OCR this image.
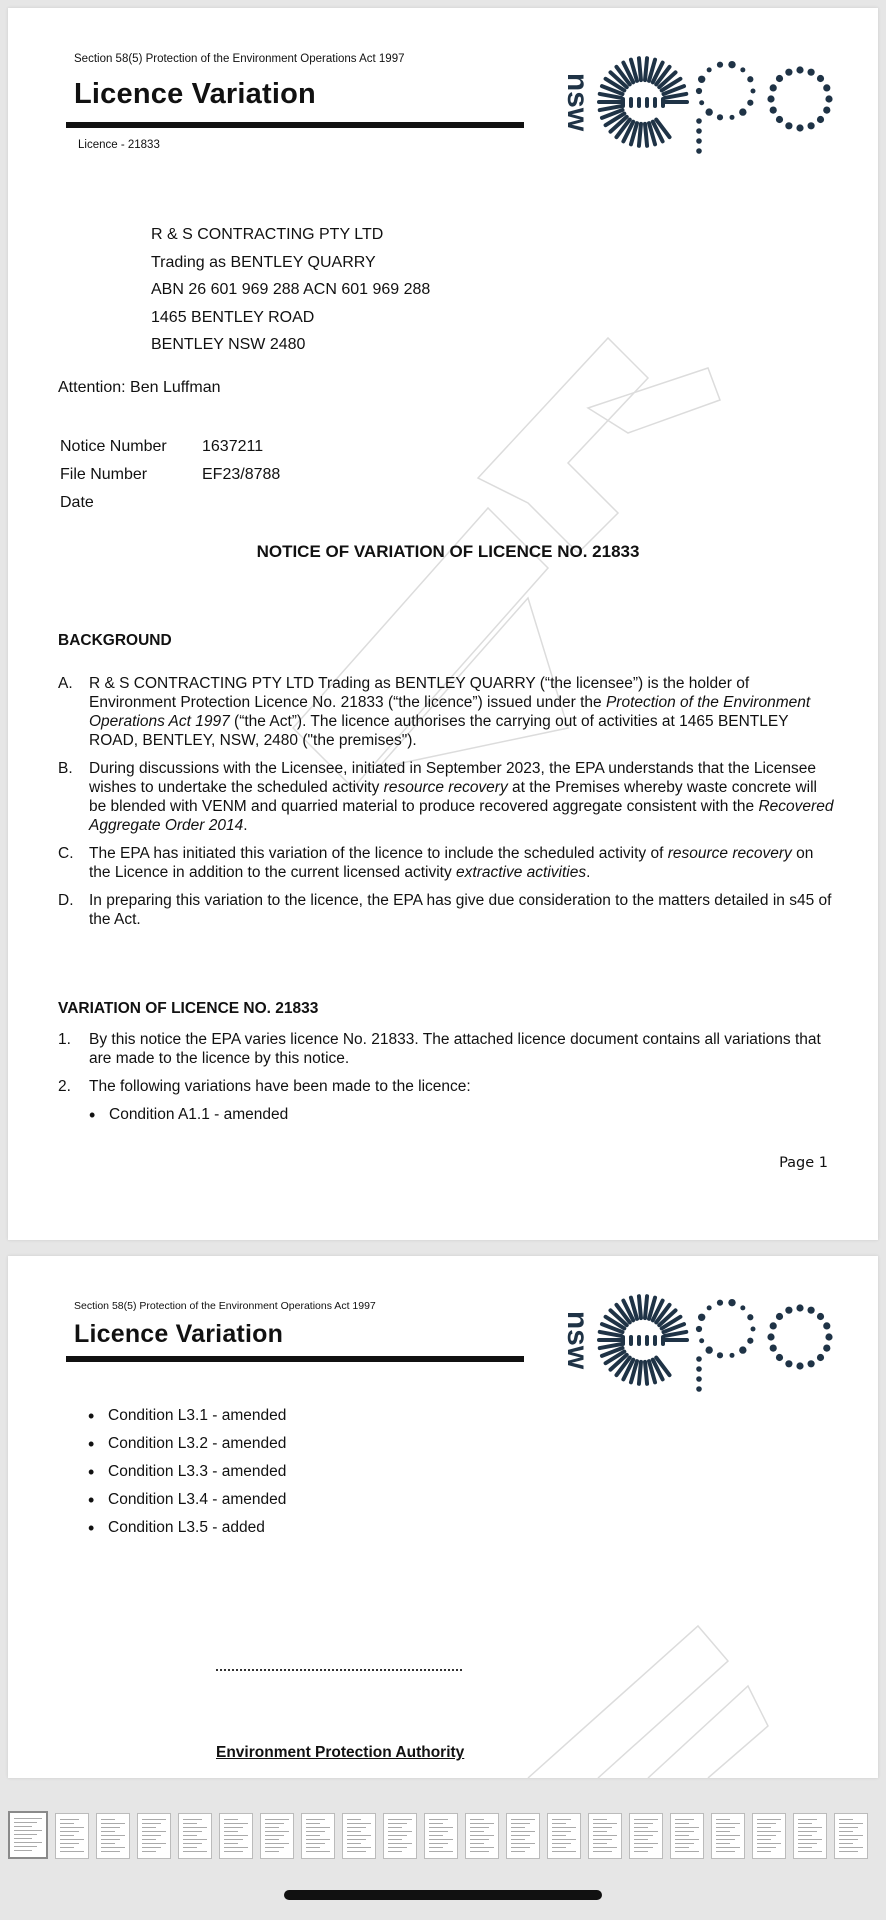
Section 58(5) Protection of the Environment Operations Act 1997
Licence Variation
Licence - 21833
nsw
R & S CONTRACTING PTY LTD
Trading as BENTLEY QUARRY
ABN 26 601 969 288 ACN 601 969 288
1465 BENTLEY ROAD
BENTLEY NSW 2480
Attention: Ben Luffman
Notice Number	1637211
File Number	EF23/8788
Date
NOTICE OF VARIATION OF LICENCE NO. 21833
BACKGROUND
A.	R & S CONTRACTING PTY LTD Trading as BENTLEY QUARRY (“the licensee”) is the holder of Environment Protection Licence No. 21833 (“the licence”) issued under the Protection of the Environment Operations Act 1997 (“the Act”). The licence authorises the carrying out of activities at 1465 BENTLEY ROAD, BENTLEY, NSW, 2480 ("the premises").
B.	During discussions with the Licensee, initiated in September 2023, the EPA understands that the Licensee wishes to undertake the scheduled activity resource recovery at the Premises whereby waste concrete will be blended with VENM and quarried material to produce recovered aggregate consistent with the Recovered Aggregate Order 2014.
C.	The EPA has initiated this variation of the licence to include the scheduled activity of resource recovery on the Licence in addition to the current licensed activity extractive activities.
D.	In preparing this variation to the licence, the EPA has give due consideration to the matters detailed in s45 of the Act.
VARIATION OF LICENCE NO. 21833
1.	By this notice the EPA varies licence No. 21833. The attached licence document contains all variations that are made to the licence by this notice.
2.	The following variations have been made to the licence:
• Condition A1.1 - amended
Page 1
Section 58(5) Protection of the Environment Operations Act 1997
Licence Variation	nsw
• Condition L3.1 - amended
• Condition L3.2 - amended
• Condition L3.3 - amended
• Condition L3.4 - amended
• Condition L3.5 - added
Environment Protection Authority
